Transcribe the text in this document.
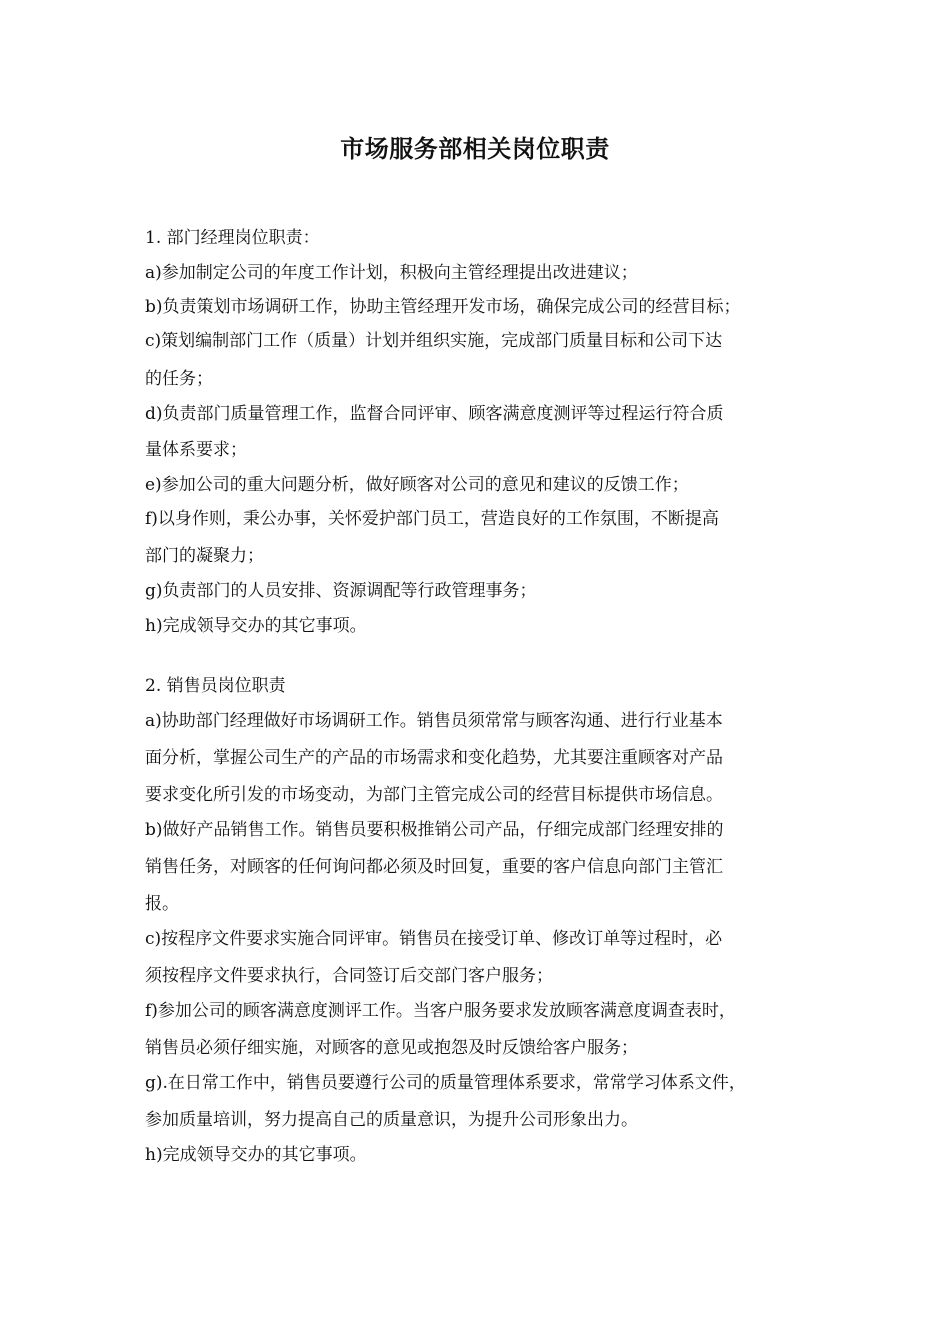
市场服务部相关岗位职责
1. 部门经理岗位职责：
a)参加制定公司的年度工作计划，积极向主管经理提出改进建议；
b)负责策划市场调研工作，协助主管经理开发市场，确保完成公司的经营目标；
c)策划编制部门工作（质量）计划并组织实施，完成部门质量目标和公司下达
的任务；
d)负责部门质量管理工作，监督合同评审、顾客满意度测评等过程运行符合质
量体系要求；
e)参加公司的重大问题分析，做好顾客对公司的意见和建议的反馈工作；
f)以身作则，秉公办事，关怀爱护部门员工，营造良好的工作氛围，不断提高
部门的凝聚力；
g)负责部门的人员安排、资源调配等行政管理事务；
h)完成领导交办的其它事项。
2. 销售员岗位职责
a)协助部门经理做好市场调研工作。销售员须常常与顾客沟通、进行行业基本
面分析，掌握公司生产的产品的市场需求和变化趋势，尤其要注重顾客对产品
要求变化所引发的市场变动，为部门主管完成公司的经营目标提供市场信息。
b)做好产品销售工作。销售员要积极推销公司产品，仔细完成部门经理安排的
销售任务，对顾客的任何询问都必须及时回复，重要的客户信息向部门主管汇
报。
c)按程序文件要求实施合同评审。销售员在接受订单、修改订单等过程时，必
须按程序文件要求执行，合同签订后交部门客户服务；
f)参加公司的顾客满意度测评工作。当客户服务要求发放顾客满意度调查表时，
销售员必须仔细实施，对顾客的意见或抱怨及时反馈给客户服务；
g).在日常工作中，销售员要遵行公司的质量管理体系要求，常常学习体系文件，
参加质量培训，努力提高自己的质量意识，为提升公司形象出力。
h)完成领导交办的其它事项。
